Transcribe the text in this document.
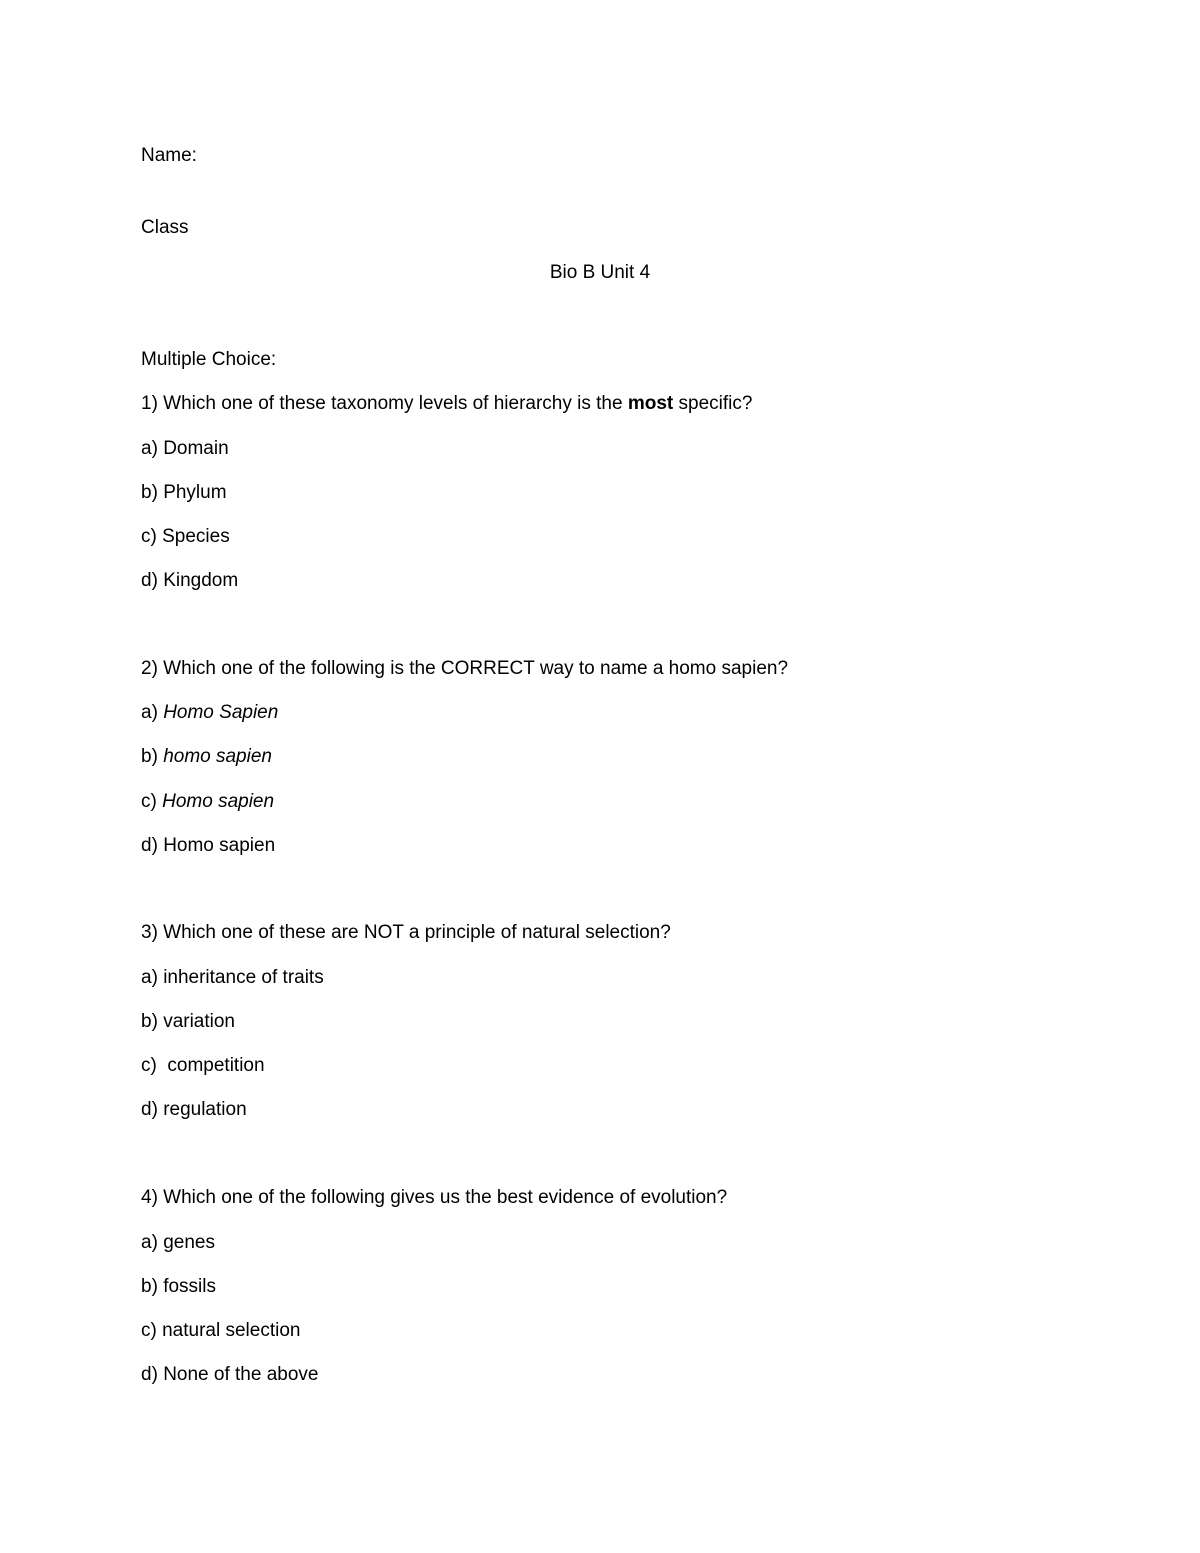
Name:
Class
Bio B Unit 4
Multiple Choice:
1) Which one of these taxonomy levels of hierarchy is the most specific?
a) Domain
b) Phylum
c) Species
d) Kingdom
2) Which one of the following is the CORRECT way to name a homo sapien?
a) Homo Sapien
b) homo sapien
c) Homo sapien
d) Homo sapien
3) Which one of these are NOT a principle of natural selection?
a) inheritance of traits
b) variation
c)  competition
d) regulation
4) Which one of the following gives us the best evidence of evolution?
a) genes
b) fossils
c) natural selection
d) None of the above
